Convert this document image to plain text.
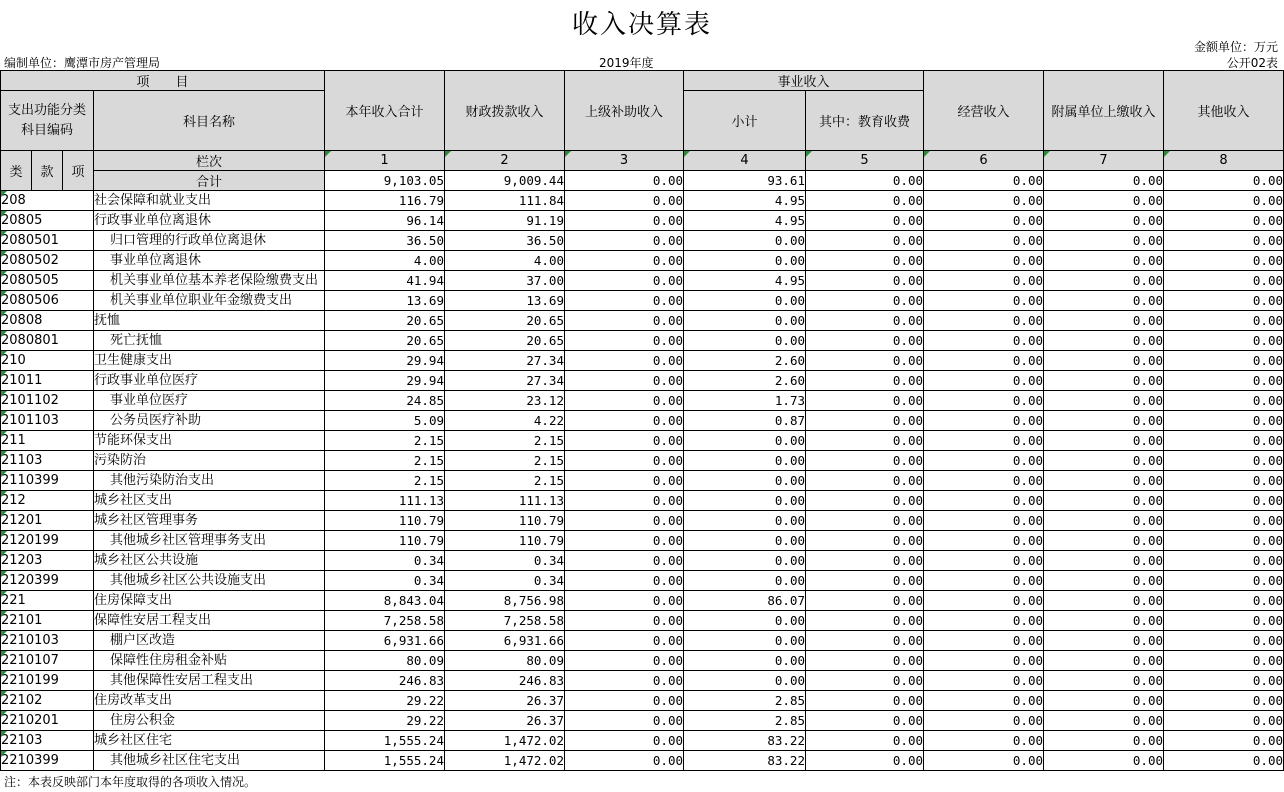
收入决算表
金额单位：万元
编制单位：鹰潭市房产管理局	2019年度	公开02表
项　　目				本年收入合计	财政拨款收入	上级补助收入	事业收入		经营收入	附属单位上缴收入	其他收入
支出功能分类科目编码			科目名称				小计	其中：教育收费			

类	款	项	栏次	1	2	3	4	5	6	7	8
			合计	9,103.05	9,009.44	0.00	93.61	0.00	0.00	0.00	0.00

208			社会保障和就业支出	116.79	111.84	0.00	4.95	0.00	0.00	0.00	0.00

20805			行政事业单位离退休	96.14	91.19	0.00	4.95	0.00	0.00	0.00	0.00

2080501			归口管理的行政单位离退休	36.50	36.50	0.00	0.00	0.00	0.00	0.00	0.00

2080502			事业单位离退休	4.00	4.00	0.00	0.00	0.00	0.00	0.00	0.00

2080505			机关事业单位基本养老保险缴费支出	41.94	37.00	0.00	4.95	0.00	0.00	0.00	0.00

2080506			机关事业单位职业年金缴费支出	13.69	13.69	0.00	0.00	0.00	0.00	0.00	0.00

20808			抚恤	20.65	20.65	0.00	0.00	0.00	0.00	0.00	0.00

2080801			死亡抚恤	20.65	20.65	0.00	0.00	0.00	0.00	0.00	0.00

210			卫生健康支出	29.94	27.34	0.00	2.60	0.00	0.00	0.00	0.00

21011			行政事业单位医疗	29.94	27.34	0.00	2.60	0.00	0.00	0.00	0.00

2101102			事业单位医疗	24.85	23.12	0.00	1.73	0.00	0.00	0.00	0.00

2101103			公务员医疗补助	5.09	4.22	0.00	0.87	0.00	0.00	0.00	0.00

211			节能环保支出	2.15	2.15	0.00	0.00	0.00	0.00	0.00	0.00

21103			污染防治	2.15	2.15	0.00	0.00	0.00	0.00	0.00	0.00

2110399			其他污染防治支出	2.15	2.15	0.00	0.00	0.00	0.00	0.00	0.00

212			城乡社区支出	111.13	111.13	0.00	0.00	0.00	0.00	0.00	0.00

21201			城乡社区管理事务	110.79	110.79	0.00	0.00	0.00	0.00	0.00	0.00

2120199			其他城乡社区管理事务支出	110.79	110.79	0.00	0.00	0.00	0.00	0.00	0.00

21203			城乡社区公共设施	0.34	0.34	0.00	0.00	0.00	0.00	0.00	0.00

2120399			其他城乡社区公共设施支出	0.34	0.34	0.00	0.00	0.00	0.00	0.00	0.00

221			住房保障支出	8,843.04	8,756.98	0.00	86.07	0.00	0.00	0.00	0.00

22101			保障性安居工程支出	7,258.58	7,258.58	0.00	0.00	0.00	0.00	0.00	0.00

2210103			棚户区改造	6,931.66	6,931.66	0.00	0.00	0.00	0.00	0.00	0.00

2210107			保障性住房租金补贴	80.09	80.09	0.00	0.00	0.00	0.00	0.00	0.00

2210199			其他保障性安居工程支出	246.83	246.83	0.00	0.00	0.00	0.00	0.00	0.00

22102			住房改革支出	29.22	26.37	0.00	2.85	0.00	0.00	0.00	0.00

2210201			住房公积金	29.22	26.37	0.00	2.85	0.00	0.00	0.00	0.00

22103			城乡社区住宅	1,555.24	1,472.02	0.00	83.22	0.00	0.00	0.00	0.00

2210399			其他城乡社区住宅支出	1,555.24	1,472.02	0.00	83.22	0.00	0.00	0.00	0.00
注：本表反映部门本年度取得的各项收入情况。
